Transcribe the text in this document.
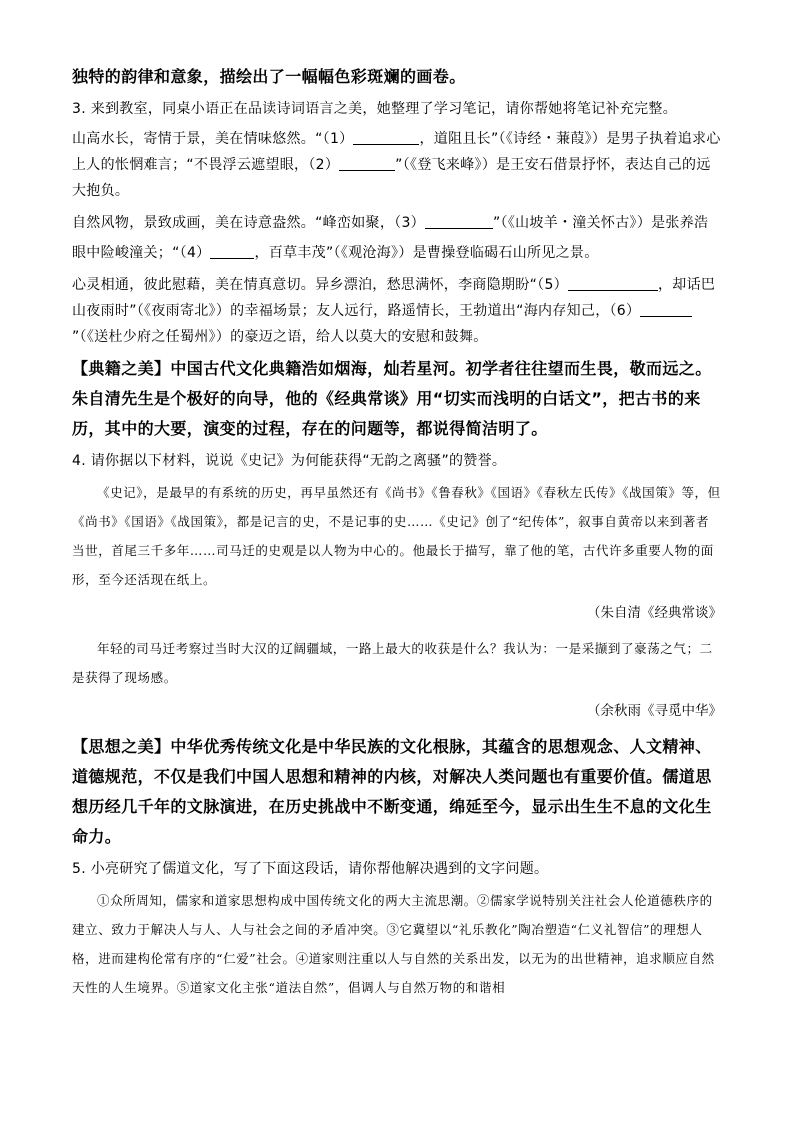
独特的韵律和意象，描绘出了一幅幅色彩斑斓的画卷。
3. 来到教室，同桌小语正在品读诗词语言之美，她整理了学习笔记，请你帮她将笔记补充完整。
山高水长，寄情于景，美在情味悠然。“（1）	，道阻且长”（《诗经・蒹葭》）是男子执着追求心上人的怅惘难言；“不畏浮云遮望眼，（2）	”（《登飞来峰》）是王安石借景抒怀，表达自己的远大抱负。
自然风物，景致成画，美在诗意盎然。“峰峦如聚，（3）	”（《山坡羊・潼关怀古》）是张养浩眼中险峻潼关；“（4）	，百草丰茂”（《观沧海》）是曹操登临碣石山所见之景。
心灵相通，彼此慰藉，美在情真意切。异乡漂泊，愁思满怀，李商隐期盼“（5）	，却话巴山夜雨时”（《夜雨寄北》）的幸福场景；友人远行，路遥情长，王勃道出“海内存知己，（6）”（《送杜少府之任蜀州》）的豪迈之语，给人以莫大的安慰和鼓舞。
【典籍之美】中国古代文化典籍浩如烟海，灿若星河。初学者往往望而生畏，敬而远之。朱自清先生是个极好的向导，他的《经典常谈》用“切实而浅明的白话文”，把古书的来历，其中的大要，演变的过程，存在的问题等，都说得简洁明了。
4. 请你据以下材料，说说《史记》为何能获得“无韵之离骚”的赞誉。
《史记》，是最早的有系统的历史，再早虽然还有《尚书》《鲁春秋》《国语》《春秋左氏传》《战国策》等，但《尚书》《国语》《战国策》，都是记言的史，不是记事的史……《史记》创了“纪传体”，叙事自黄帝以来到著者当世，首尾三千多年……司马迁的史观是以人物为中心的。他最长于描写，靠了他的笔，古代许多重要人物的面形，至今还活现在纸上。
（朱自清《经典常谈》
年轻的司马迁考察过当时大汉的辽阔疆域，一路上最大的收获是什么？我认为：一是采撷到了豪荡之气；二是获得了现场感。
（余秋雨《寻觅中华》
【思想之美】中华优秀传统文化是中华民族的文化根脉，其蕴含的思想观念、人文精神、道德规范，不仅是我们中国人思想和精神的内核，对解决人类问题也有重要价值。儒道思想历经几千年的文脉演进，在历史挑战中不断变通，绵延至今，显示出生生不息的文化生命力。
5. 小亮研究了儒道文化，写了下面这段话，请你帮他解决遇到的文字问题。
①众所周知，儒家和道家思想构成中国传统文化的两大主流思潮。②儒家学说特别关注社会人伦道德秩序的建立、致力于解决人与人、人与社会之间的矛盾冲突。③它冀望以“礼乐教化”陶冶塑造“仁义礼智信”的理想人格，进而建构伦常有序的“仁爱”社会。④道家则注重以人与自然的关系出发，以无为的出世精神，追求顺应自然天性的人生境界。⑤道家文化主张“道法自然”，倡调人与自然万物的和谐相
